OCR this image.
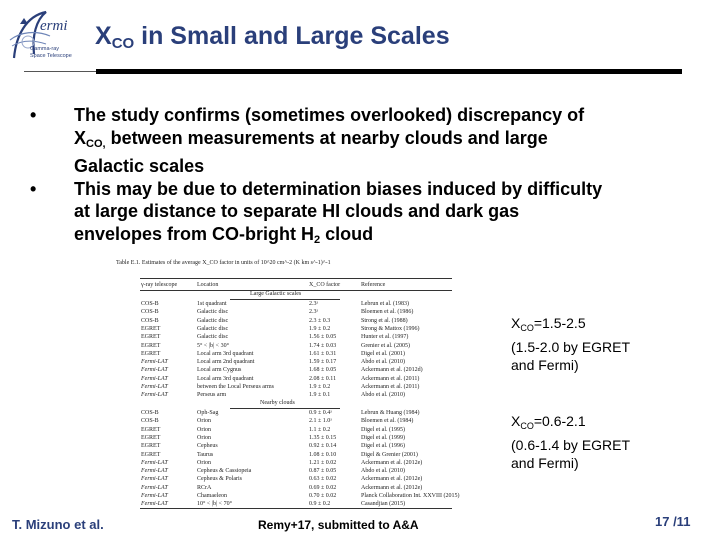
ermi
Gamma-ray
Space Telescope
$X_{CO}$ in Small and Large Scales
• The study confirms (sometimes overlooked) discrepancy of
$X_{CO,}$ between measurements at nearby clouds and large
Galactic scales
• This may be due to determination biases induced by difficulty
at large distance to separate HI clouds and dark gas
envelopes from CO-bright $H_2$ cloud
Table E.1. Estimates of the average X_CO factor in units of 10^20 cm^-2 (K km s^-1)^-1
γ-ray telescope	Location	X_CO factor	Reference
Large Galactic scales
COS-B	1st quadrant	2.3ᵃ	Lebrun et al. (1983)
COS-B	Galactic disc	2.3ᵃ	Bloemen et al. (1986)
COS-B	Galactic disc	2.3 ± 0.3	Strong et al. (1988)
EGRET	Galactic disc	1.9 ± 0.2	Strong & Mattox (1996)
EGRET	Galactic disc	1.56 ± 0.05	Hunter et al. (1997)
EGRET	5° < |b| < 30°	1.74 ± 0.03	Grenier et al. (2005)
EGRET	Local arm 3rd quadrant	1.61 ± 0.31	Digel et al. (2001)
Fermi-LAT	Local arm 2nd quadrant	1.59 ± 0.17	Abdo et al. (2010)
Fermi-LAT	Local arm Cygnus	1.68 ± 0.05	Ackermann et al. (2012d)
Fermi-LAT	Local arm 3rd quadrant	2.08 ± 0.11	Ackermann et al. (2011)
Fermi-LAT	between the Local Perseus arms	1.9 ± 0.2	Ackermann et al. (2011)
Fermi-LAT	Perseus arm	1.9 ± 0.1	Abdo et al. (2010)
Nearby clouds
COS-B	Oph-Sag	0.9 ± 0.4ᵃ	Lebrun & Huang (1984)
COS-B	Orion	2.1 ± 1.0ᵃ	Bloemen et al. (1984)
EGRET	Orion	1.1 ± 0.2	Digel et al. (1995)
EGRET	Orion	1.35 ± 0.15	Digel et al. (1999)
EGRET	Cepheus	0.92 ± 0.14	Digel et al. (1996)
EGRET	Taurus	1.08 ± 0.10	Digel & Grenier (2001)
Fermi-LAT	Orion	1.21 ± 0.02	Ackermann et al. (2012e)
Fermi-LAT	Cepheus & Cassiopeia	0.87 ± 0.05	Abdo et al. (2010)
Fermi-LAT	Cepheus & Polaris	0.63 ± 0.02	Ackermann et al. (2012e)
Fermi-LAT	RCrA	0.69 ± 0.02	Ackermann et al. (2012e)
Fermi-LAT	Chamaeleon	0.70 ± 0.02	Planck Collaboration Int. XXVIII (2015)
Fermi-LAT	10° < |b| < 70°	0.9 ± 0.2	Casandjian (2015)
$X_{CO}=1.5-2.5$
(1.5-2.0 by EGRET
and Fermi)
$X_{CO}=0.6-2.1$
(0.6-1.4 by EGRET
and Fermi)
T. Mizuno et al.	Remy+17, submitted to A&A	17 /11
